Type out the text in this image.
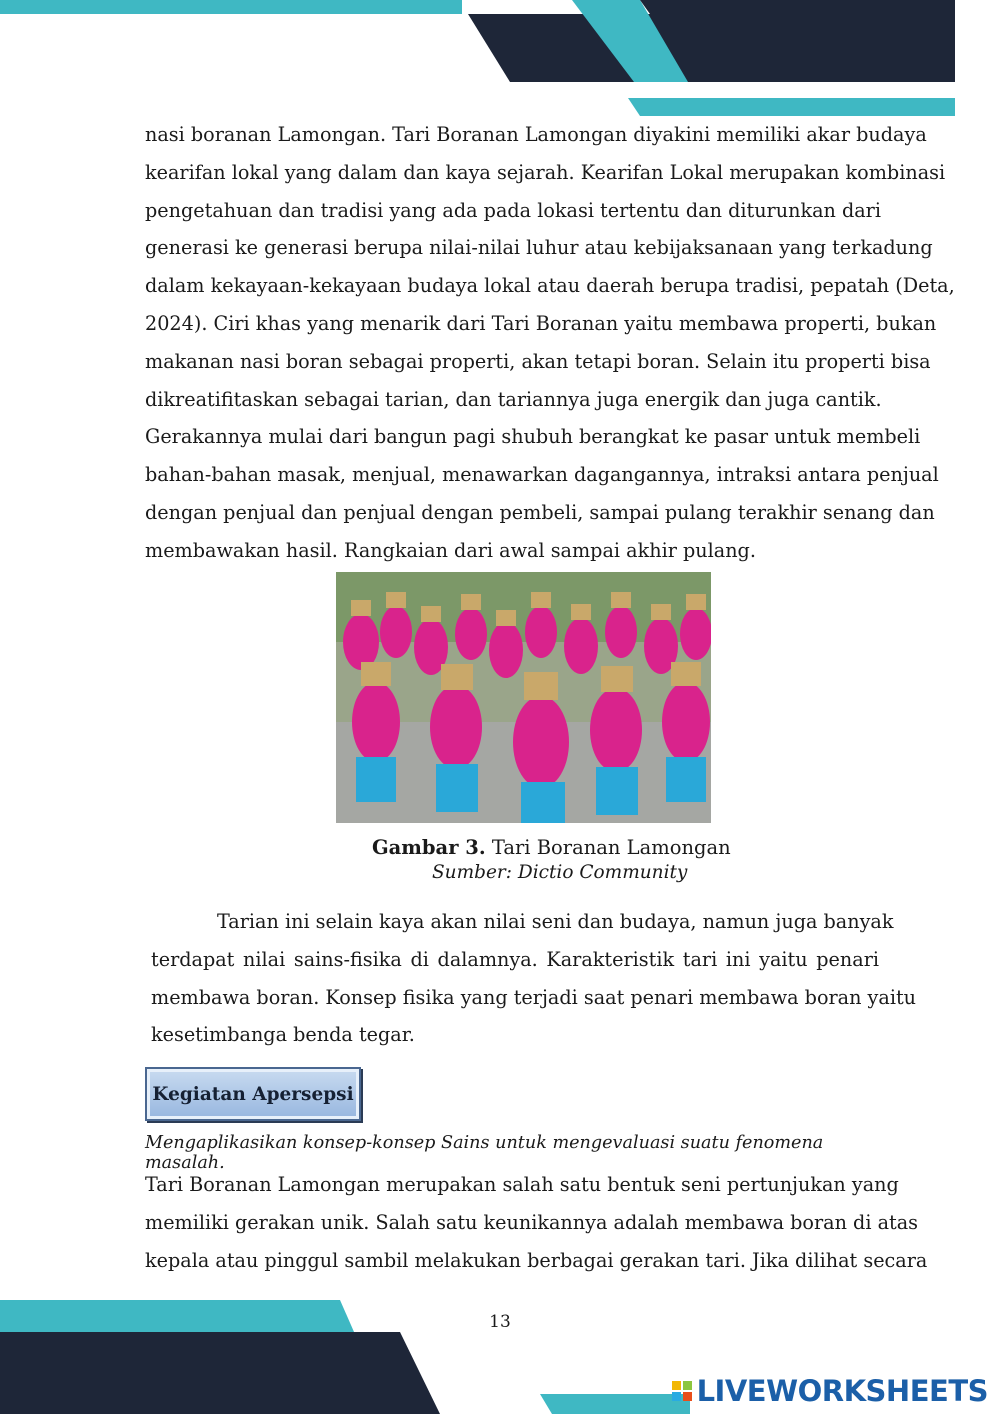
nasi boranan Lamongan. Tari Boranan Lamongan diyakini memiliki akar budaya
kearifan lokal yang dalam dan kaya sejarah. Kearifan Lokal merupakan kombinasi
pengetahuan dan tradisi yang ada pada lokasi tertentu dan diturunkan dari
generasi ke generasi berupa nilai-nilai luhur atau kebijaksanaan yang terkadung
dalam kekayaan-kekayaan budaya lokal atau daerah berupa tradisi, pepatah (Deta,
2024). Ciri khas yang menarik dari Tari Boranan yaitu membawa properti, bukan
makanan nasi boran sebagai properti, akan tetapi boran. Selain itu properti bisa
dikreatifitaskan sebagai tarian, dan tariannya juga energik dan juga cantik.
Gerakannya mulai dari bangun pagi shubuh berangkat ke pasar untuk membeli
bahan-bahan masak, menjual, menawarkan dagangannya, intraksi antara penjual
dengan penjual dan penjual dengan pembeli, sampai pulang terakhir senang dan
membawakan hasil. Rangkaian dari awal sampai akhir pulang.

Gambar 3. Tari Boranan Lamongan
Sumber: Dictio Community

Tarian ini selain kaya akan nilai seni dan budaya, namun juga banyak
terdapat nilai sains-fisika di dalamnya. Karakteristik tari ini yaitu penari
membawa boran. Konsep fisika yang terjadi saat penari membawa boran yaitu
kesetimbanga benda tegar.

Kegiatan Apersepsi

Mengaplikasikan konsep-konsep Sains untuk mengevaluasi suatu fenomena masalah.

Tari Boranan Lamongan merupakan salah satu bentuk seni pertunjukan yang
memiliki gerakan unik. Salah satu keunikannya adalah membawa boran di atas
kepala atau pinggul sambil melakukan berbagai gerakan tari. Jika dilihat secara

13
LIVEWORKSHEETS
